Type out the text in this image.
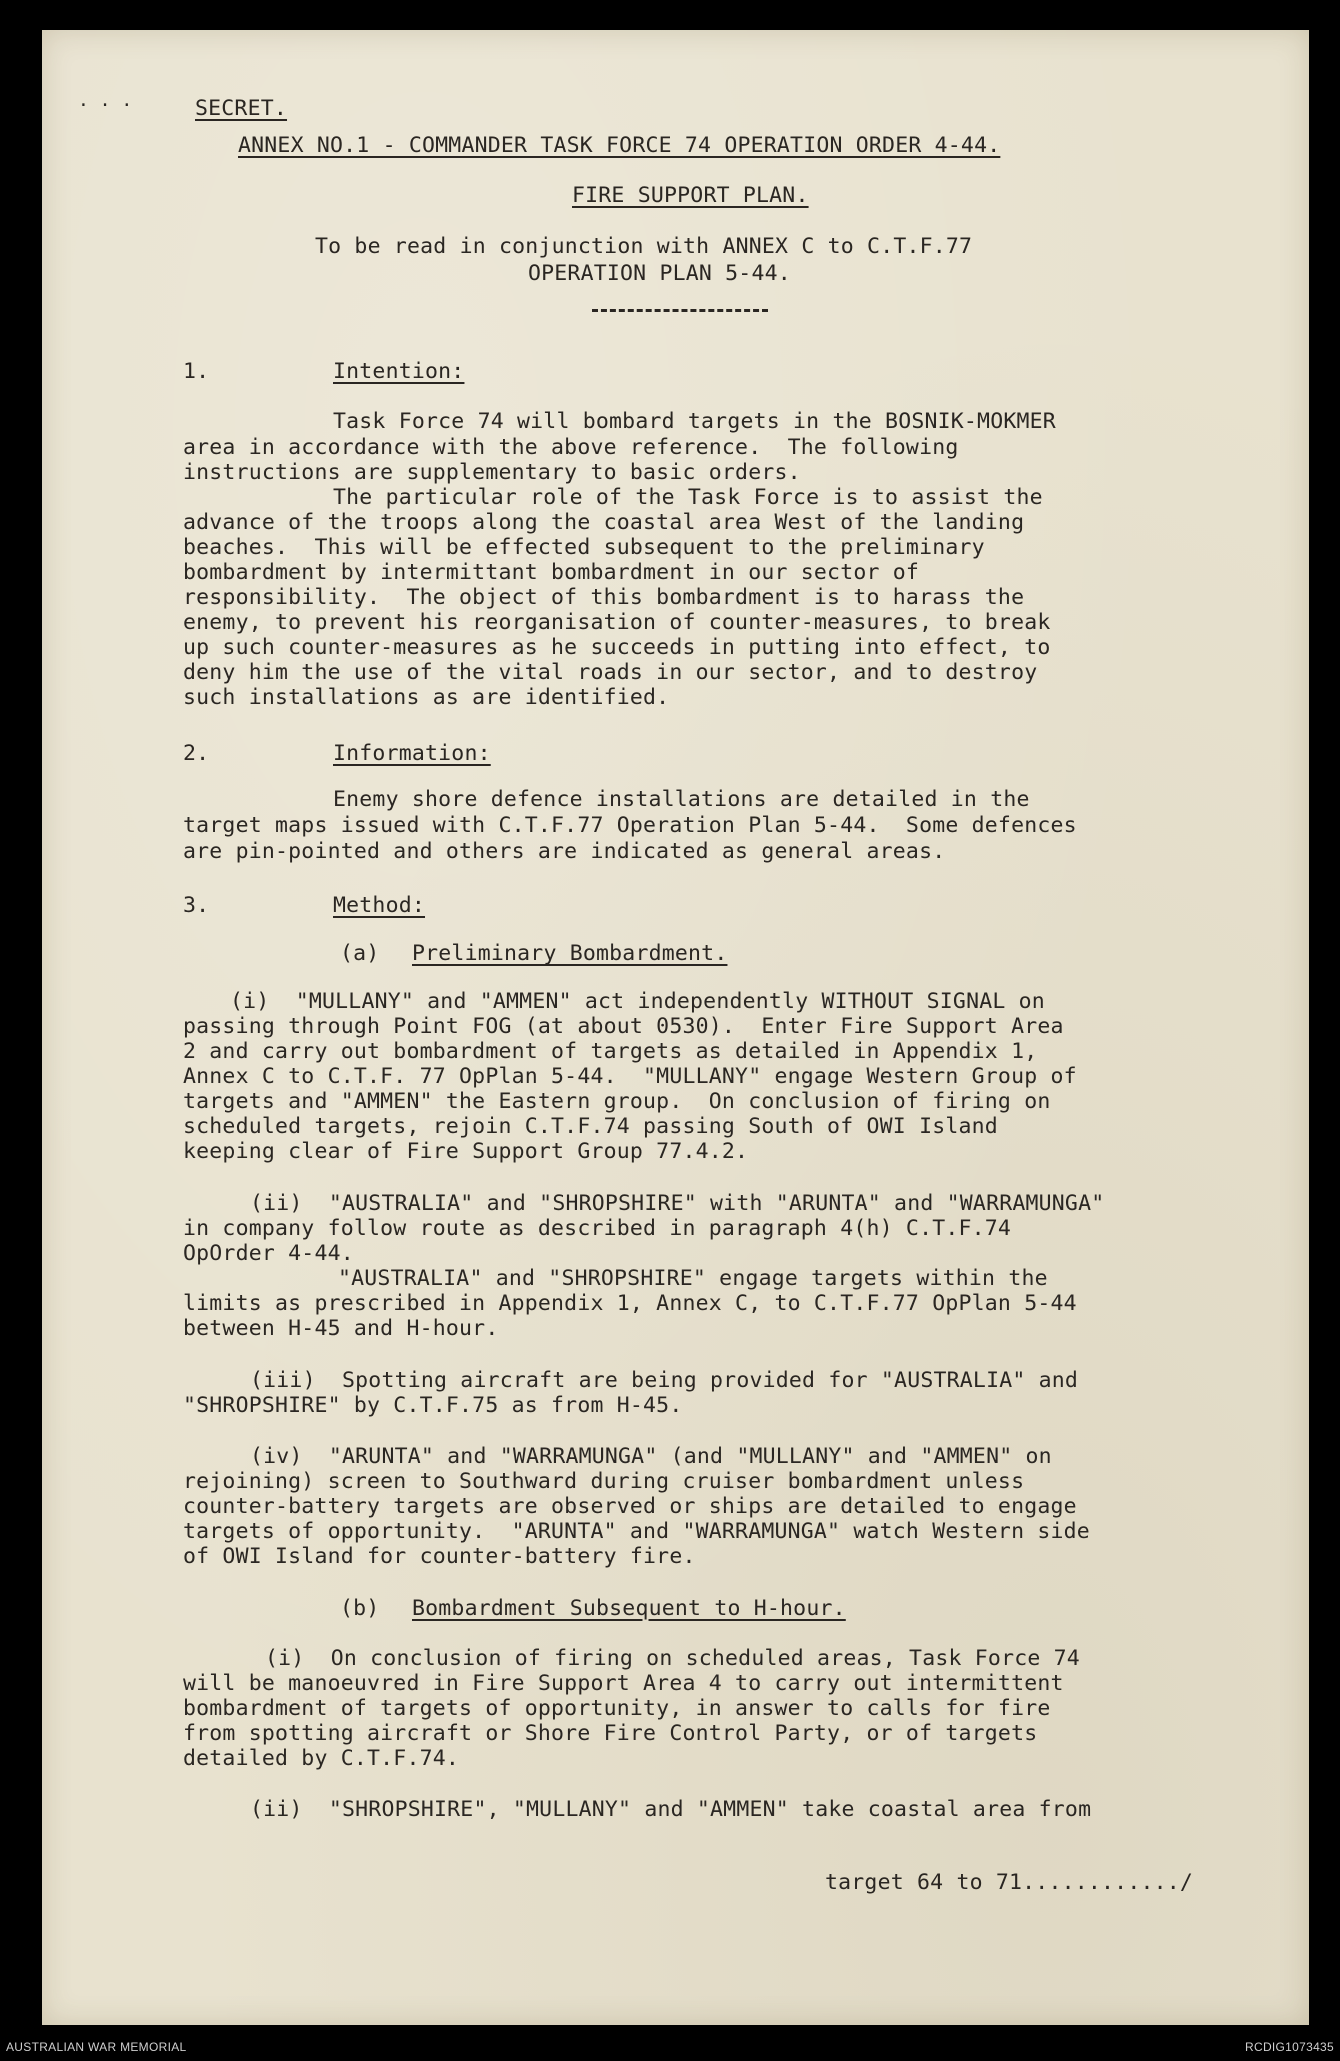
· · ·	SECRET.
ANNEX NO.1 - COMMANDER TASK FORCE 74 OPERATION ORDER 4-44.
FIRE SUPPORT PLAN.
To be read in conjunction with ANNEX C to C.T.F.77
OPERATION PLAN 5-44.
1.	Intention:
Task Force 74 will bombard targets in the BOSNIK-MOKMER
area in accordance with the above reference.  The following
instructions are supplementary to basic orders.
The particular role of the Task Force is to assist the
advance of the troops along the coastal area West of the landing
beaches.  This will be effected subsequent to the preliminary
bombardment by intermittant bombardment in our sector of
responsibility.  The object of this bombardment is to harass the
enemy, to prevent his reorganisation of counter-measures, to break
up such counter-measures as he succeeds in putting into effect, to
deny him the use of the vital roads in our sector, and to destroy
such installations as are identified.
2.	Information:
Enemy shore defence installations are detailed in the
target maps issued with C.T.F.77 Operation Plan 5-44.  Some defences
are pin-pointed and others are indicated as general areas.
3.	Method:
(a) Preliminary Bombardment.
(i)  "MULLANY" and "AMMEN" act independently WITHOUT SIGNAL on
passing through Point FOG (at about 0530).  Enter Fire Support Area
2 and carry out bombardment of targets as detailed in Appendix 1,
Annex C to C.T.F. 77 OpPlan 5-44.  "MULLANY" engage Western Group of
targets and "AMMEN" the Eastern group.  On conclusion of firing on
scheduled targets, rejoin C.T.F.74 passing South of OWI Island
keeping clear of Fire Support Group 77.4.2.
(ii)  "AUSTRALIA" and "SHROPSHIRE" with "ARUNTA" and "WARRAMUNGA"
in company follow route as described in paragraph 4(h) C.T.F.74
OpOrder 4-44.
"AUSTRALIA" and "SHROPSHIRE" engage targets within the
limits as prescribed in Appendix 1, Annex C, to C.T.F.77 OpPlan 5-44
between H-45 and H-hour.
(iii)  Spotting aircraft are being provided for "AUSTRALIA" and
"SHROPSHIRE" by C.T.F.75 as from H-45.
(iv)  "ARUNTA" and "WARRAMUNGA" (and "MULLANY" and "AMMEN" on
rejoining) screen to Southward during cruiser bombardment unless
counter-battery targets are observed or ships are detailed to engage
targets of opportunity.  "ARUNTA" and "WARRAMUNGA" watch Western side
of OWI Island for counter-battery fire.
(b) Bombardment Subsequent to H-hour.
(i)  On conclusion of firing on scheduled areas, Task Force 74
will be manoeuvred in Fire Support Area 4 to carry out intermittent
bombardment of targets of opportunity, in answer to calls for fire
from spotting aircraft or Shore Fire Control Party, or of targets
detailed by C.T.F.74.
(ii)  "SHROPSHIRE", "MULLANY" and "AMMEN" take coastal area from
target 64 to 71............/
AUSTRALIAN WAR MEMORIAL	RCDIG1073435
